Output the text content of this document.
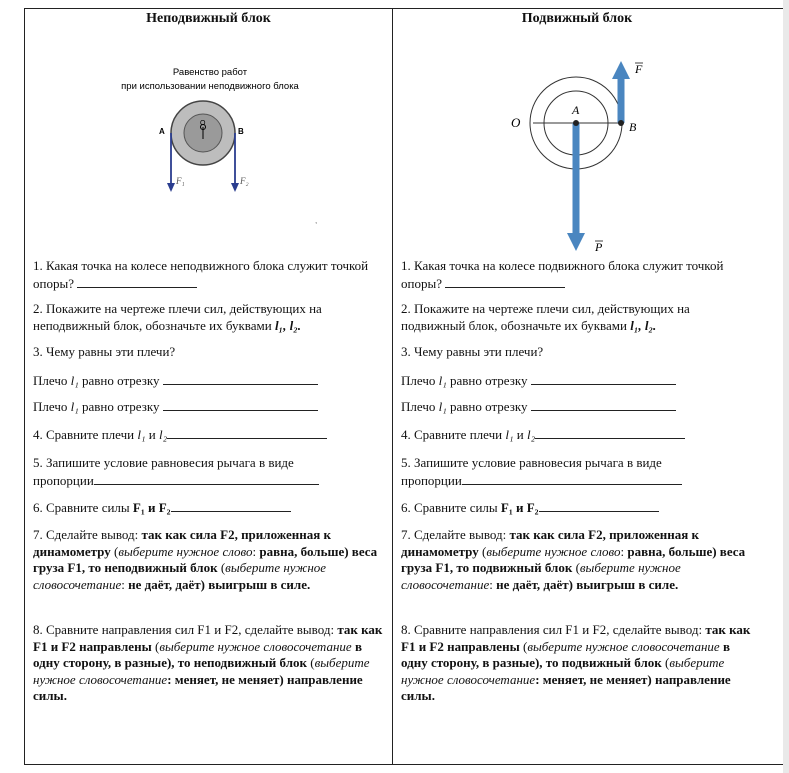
Неподвижный блок
Равенство работ
при использовании неподвижного блока
A	B
O
F₁	F₂
,
1. Какая точка на колесе неподвижного блока служит точкой опоры?
2. Покажите на чертеже плечи сил, действующих на неподвижный блок, обозначьте их буквами l₁, l₂.
3. Чему равны эти плечи?
Плечо l₁ равно отрезку
Плечо l₁ равно отрезку
4. Сравните плечи l₁ и l₂
5. Запишите условие равновесия рычага в виде
пропорции
6. Сравните силы F₁ и F₂
7. Сделайте вывод: так как сила F2, приложенная к динамометру (выберите нужное слово: равна, больше) веса груза F1, то неподвижный блок (выберите нужное словосочетание: не даёт, даёт) выигрыш в силе.
8. Сравните направления сил F1 и F2, сделайте вывод: так как F1 и F2 направлены (выберите нужное словосочетание в одну сторону, в разные), то неподвижный блок (выберите нужное словосочетание: меняет, не меняет) направление силы.
Подвижный блок
O
A
B
F
P
1. Какая точка на колесе подвижного блока служит точкой опоры?
2. Покажите на чертеже плечи сил, действующих на подвижный блок, обозначьте их буквами l₁, l₂.
3. Чему равны эти плечи?
Плечо l₁ равно отрезку
Плечо l₁ равно отрезку
4. Сравните плечи l₁ и l₂
5. Запишите условие равновесия рычага в виде
пропорции
6. Сравните силы F₁ и F₂
7. Сделайте вывод: так как сила F2, приложенная к динамометру (выберите нужное слово: равна, больше) веса груза F1, то подвижный блок (выберите нужное словосочетание: не даёт, даёт) выигрыш в силе.
8. Сравните направления сил F1 и F2, сделайте вывод: так как F1 и F2 направлены (выберите нужное словосочетание в одну сторону, в разные), то подвижный блок (выберите нужное словосочетание: меняет, не меняет) направление силы.
